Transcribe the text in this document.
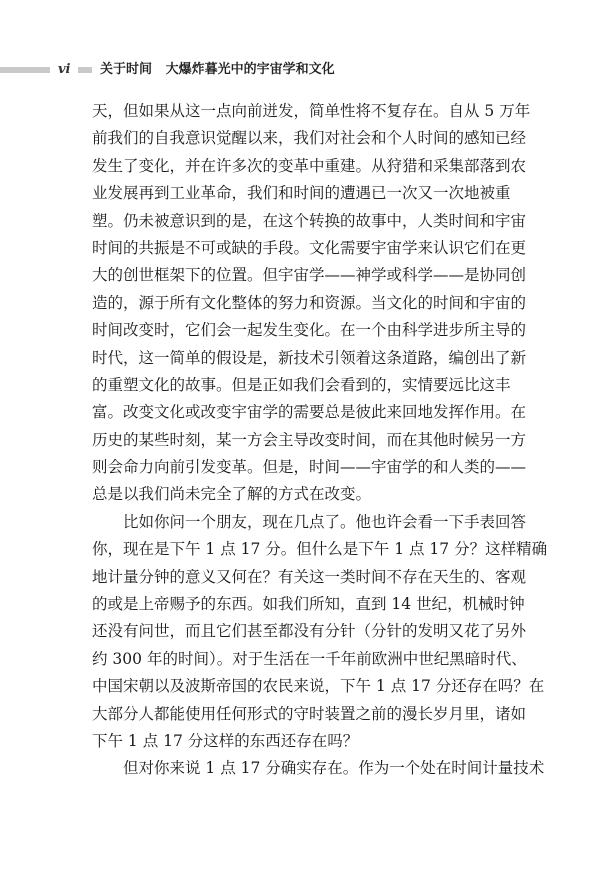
vi 关于时间 大爆炸暮光中的宇宙学和文化
天，但如果从这一点向前迸发，简单性将不复存在。自从 5 万年
前我们的自我意识觉醒以来，我们对社会和个人时间的感知已经
发生了变化，并在许多次的变革中重建。从狩猎和采集部落到农
业发展再到工业革命，我们和时间的遭遇已一次又一次地被重
塑。仍未被意识到的是，在这个转换的故事中，人类时间和宇宙
时间的共振是不可或缺的手段。文化需要宇宙学来认识它们在更
大的创世框架下的位置。但宇宙学——神学或科学——是协同创
造的，源于所有文化整体的努力和资源。当文化的时间和宇宙的
时间改变时，它们会一起发生变化。在一个由科学进步所主导的
时代，这一简单的假设是，新技术引领着这条道路，编创出了新
的重塑文化的故事。但是正如我们会看到的，实情要远比这丰
富。改变文化或改变宇宙学的需要总是彼此来回地发挥作用。在
历史的某些时刻，某一方会主导改变时间，而在其他时候另一方
则会命力向前引发变革。但是，时间——宇宙学的和人类的——
总是以我们尚未完全了解的方式在改变。
比如你问一个朋友，现在几点了。他也许会看一下手表回答
你，现在是下午 1 点 17 分。但什么是下午 1 点 17 分？这样精确
地计量分钟的意义又何在？有关这一类时间不存在天生的、客观
的或是上帝赐予的东西。如我们所知，直到 14 世纪，机械时钟
还没有问世，而且它们甚至都没有分针（分针的发明又花了另外
约 300 年的时间）。对于生活在一千年前欧洲中世纪黑暗时代、
中国宋朝以及波斯帝国的农民来说，下午 1 点 17 分还存在吗？在
大部分人都能使用任何形式的守时装置之前的漫长岁月里，诸如
下午 1 点 17 分这样的东西还存在吗？
但对你来说 1 点 17 分确实存在。作为一个处在时间计量技术
